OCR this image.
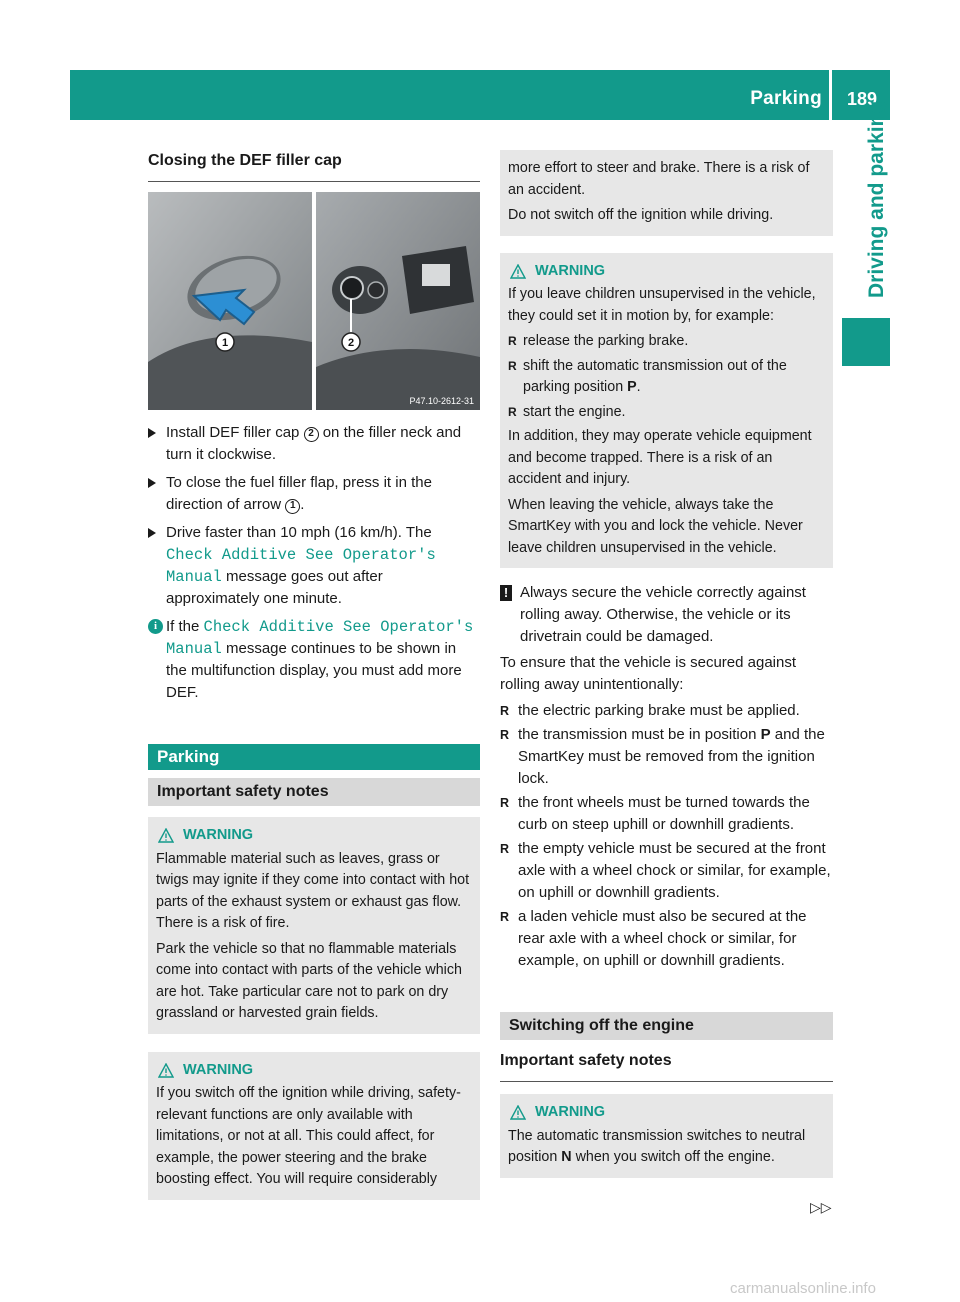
Parking 189
Driving and parking
Closing the DEF filler cap
1	2
P47.10-2612-31
Install DEF filler cap 2 on the filler neck and turn it clockwise.
To close the fuel filler flap, press it in the direction of arrow 1 .
Drive faster than 10 mph (16 km/h). The Check Additive See Operator's Manual message goes out after approximately one minute.
i If the Check Additive See Operator's Manual message continues to be shown in the multifunction display, you must add more DEF.
Parking
Important safety notes
WARNING

Flammable material such as leaves, grass or twigs may ignite if they come into contact with hot parts of the exhaust system or exhaust gas flow. There is a risk of fire.

Park the vehicle so that no flammable materials come into contact with parts of the vehicle which are hot. Take particular care not to park on dry grassland or harvested grain fields.

WARNING

If you switch off the ignition while driving, safety-relevant functions are only available with limitations, or not at all. This could affect, for example, the power steering and the brake boosting effect. You will require considerably

more effort to steer and brake. There is a risk of an accident.

Do not switch off the ignition while driving.

WARNING

If you leave children unsupervised in the vehicle, they could set it in motion by, for example:

R release the parking brake.
R shift the automatic transmission out of the parking position P.
R start the engine.

In addition, they may operate vehicle equipment and become trapped. There is a risk of an accident and injury.

When leaving the vehicle, always take the SmartKey with you and lock the vehicle. Never leave children unsupervised in the vehicle.

! Always secure the vehicle correctly against rolling away. Otherwise, the vehicle or its drivetrain could be damaged.

To ensure that the vehicle is secured against rolling away unintentionally:

R the electric parking brake must be applied.
R the transmission must be in position P and the SmartKey must be removed from the ignition lock.
R the front wheels must be turned towards the curb on steep uphill or downhill gradients.
R the empty vehicle must be secured at the front axle with a wheel chock or similar, for example, on uphill or downhill gradients.
R a laden vehicle must also be secured at the rear axle with a wheel chock or similar, for example, on uphill or downhill gradients.
Switching off the engine
Important safety notes
WARNING

The automatic transmission switches to neutral position N when you switch off the engine.

▷▷
carmanualsonline.info
